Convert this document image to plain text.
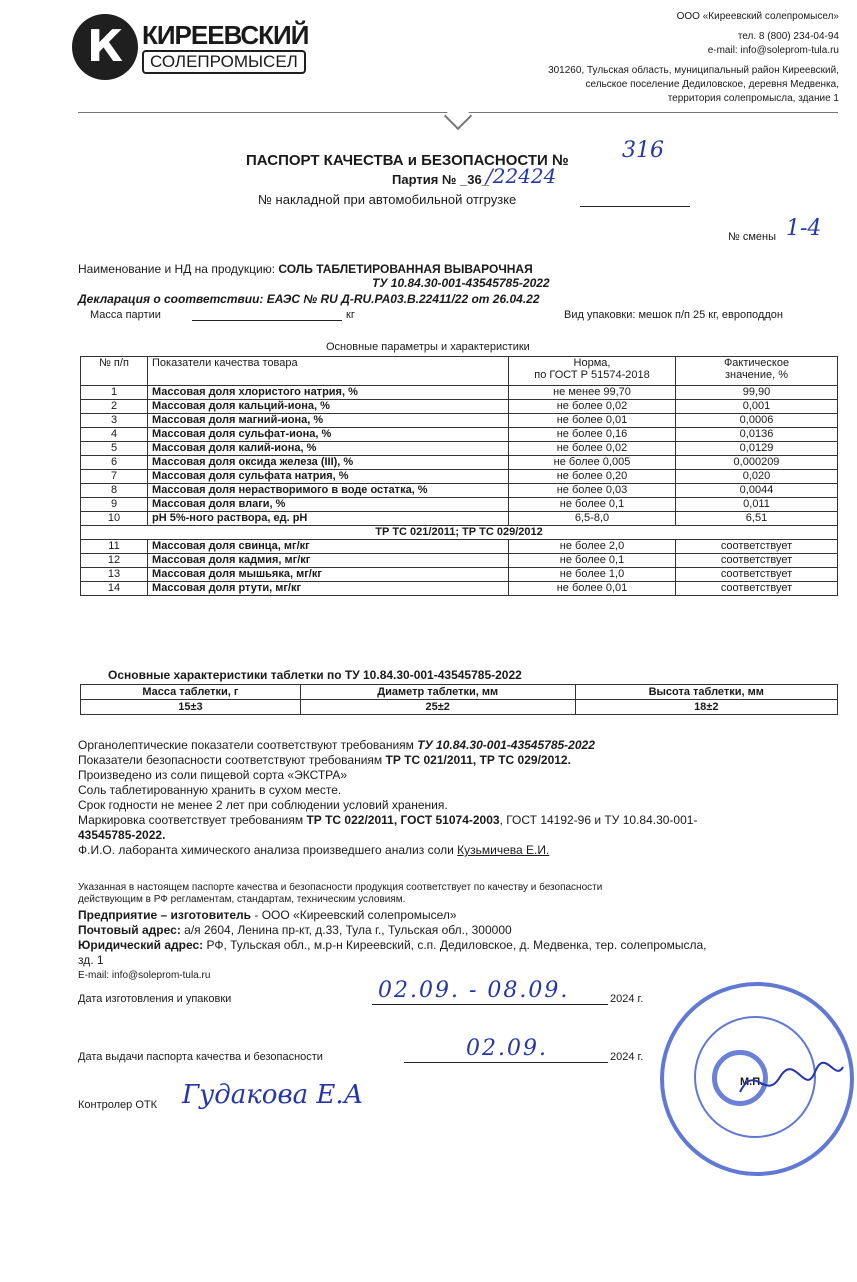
К КИРЕЕВСКИЙ
СОЛЕПРОМЫСЕЛ
ООО «Киреевский солепромысел»
тел. 8 (800) 234-04-94
e-mail: info@soleprom-tula.ru
301260, Тульская область, муниципальный район Киреевский,
сельское поселение Дедиловское, деревня Медвенка,
территория солепромысла, здание 1
ПАСПОРТ КАЧЕСТВА и БЕЗОПАСНОСТИ № 316
Партия № _36_
/22424
№ накладной при автомобильной отгрузке
№ смены 1-4
Наименование и НД на продукцию: СОЛЬ ТАБЛЕТИРОВАННАЯ ВЫВАРОЧНАЯ
ТУ 10.84.30-001-43545785-2022
Декларация о соответствии: ЕАЭС № RU Д-RU.PA03.B.22411/22 от 26.04.22
Масса партии	кг	Вид упаковки: мешок п/п 25 кг, европоддон
Основные параметры и характеристики
№ п/п	Показатели качества товара	Норма,
по ГОСТ Р 51574-2018	Фактическое
значение, %
1	Массовая доля хлористого натрия, %	не менее 99,70	99,90
2	Массовая доля кальций-иона, %	не более 0,02	0,001
3	Массовая доля магний-иона, %	не более 0,01	0,0006
4	Массовая доля сульфат-иона, %	не более 0,16	0,0136
5	Массовая доля калий-иона, %	не более 0,02	0,0129
6	Массовая доля оксида железа (III), %	не более 0,005	0,000209
7	Массовая доля сульфата натрия, %	не более 0,20	0,020
8	Массовая доля нерастворимого в воде остатка, %	не более 0,03	0,0044
9	Массовая доля влаги, %	не более 0,1	0,011
10	pH 5%-ного раствора, ед. pH	6,5-8,0	6,51
ТР ТС 021/2011; ТР ТС 029/2012			
11	Массовая доля свинца, мг/кг	не более 2,0	соответствует
12	Массовая доля кадмия, мг/кг	не более 0,1	соответствует
13	Массовая доля мышьяка, мг/кг	не более 1,0	соответствует
14	Массовая доля ртути, мг/кг	не более 0,01	соответствует
Основные характеристики таблетки по ТУ 10.84.30-001-43545785-2022
Масса таблетки, г	Диаметр таблетки, мм	Высота таблетки, мм
15±3	25±2	18±2
Органолептические показатели соответствуют требованиям ТУ 10.84.30-001-43545785-2022
Показатели безопасности соответствуют требованиям ТР ТС 021/2011, ТР ТС 029/2012.
Произведено из соли пищевой сорта «ЭКСТРА»
Соль таблетированную хранить в сухом месте.
Срок годности не менее 2 лет при соблюдении условий хранения.
Маркировка соответствует требованиям ТР ТС 022/2011, ГОСТ 51074-2003, ГОСТ 14192-96 и ТУ 10.84.30-001-
43545785-2022.
Ф.И.О. лаборанта химического анализа произведшего анализ соли Кузьмичева Е.И.
Указанная в настоящем паспорте качества и безопасности продукция соответствует по качеству и безопасности
действующим в РФ регламентам, стандартам, техническим условиям.
Предприятие – изготовитель - ООО «Киреевский солепромысел»
Почтовый адрес: а/я 2604, Ленина пр-кт, д.33, Тула г., Тульская обл., 300000
Юридический адрес: РФ, Тульская обл., м.р-н Киреевский, с.п. Дедиловское, д. Медвенка, тер. солепромысла,
зд. 1
E-mail: info@soleprom-tula.ru
Дата изготовления и упаковки	02.09. - 08.09.	2024 г.
Дата выдачи паспорта качества и безопасности	02.09.	2024 г.
Контролер ОТК Гудакова Е.А	М.П.
